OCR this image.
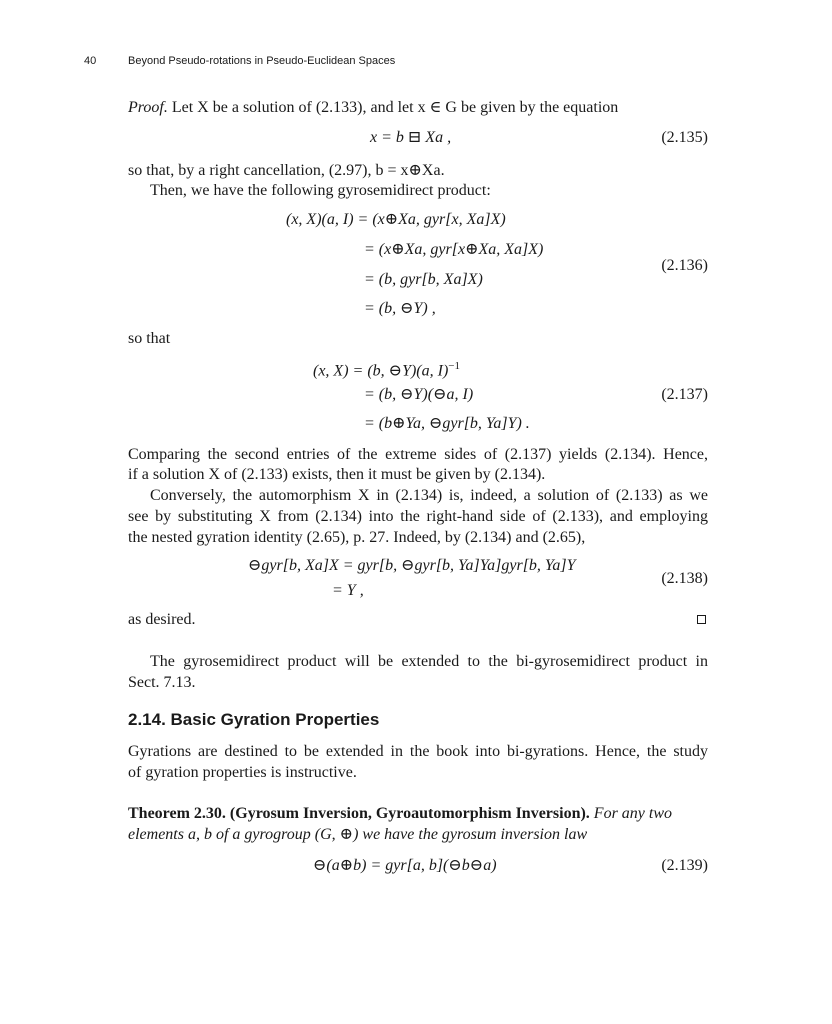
40	Beyond Pseudo-rotations in Pseudo-Euclidean Spaces
Proof. Let X be a solution of (2.133), and let x ∈ G be given by the equation
x = b ⊟ Xa ,	(2.135)
so that, by a right cancellation, (2.97), b = x⊕Xa.
Then, we have the following gyrosemidirect product:
(x, X)(a, I) = (x⊕Xa, gyr[x, Xa]X)
= (x⊕Xa, gyr[x⊕Xa, Xa]X)
= (b, gyr[b, Xa]X)
= (b, ⊖Y) ,
(2.136)
so that
(x, X) = (b, ⊖Y)(a, I)$^{-1}$
= (b, ⊖Y)(⊖a, I)
= (b⊕Ya, ⊖gyr[b, Ya]Y) .
(2.137)
Comparing the second entries of the extreme sides of (2.137) yields (2.134). Hence,
if a solution X of (2.133) exists, then it must be given by (2.134).
Conversely, the automorphism X in (2.134) is, indeed, a solution of (2.133) as we
see by substituting X from (2.134) into the right-hand side of (2.133), and employing
the nested gyration identity (2.65), p. 27. Indeed, by (2.134) and (2.65),
⊖gyr[b, Xa]X = gyr[b, ⊖gyr[b, Ya]Ya]gyr[b, Ya]Y
= Y ,
(2.138)
as desired.
The gyrosemidirect product will be extended to the bi-gyrosemidirect product in
Sect. 7.13.
2.14. Basic Gyration Properties
Gyrations are destined to be extended in the book into bi-gyrations. Hence, the study
of gyration properties is instructive.
Theorem 2.30. (Gyrosum Inversion, Gyroautomorphism Inversion). For any two
elements a, b of a gyrogroup (G, ⊕) we have the gyrosum inversion law
⊖(a⊕b) = gyr[a, b](⊖b⊖a)	(2.139)
